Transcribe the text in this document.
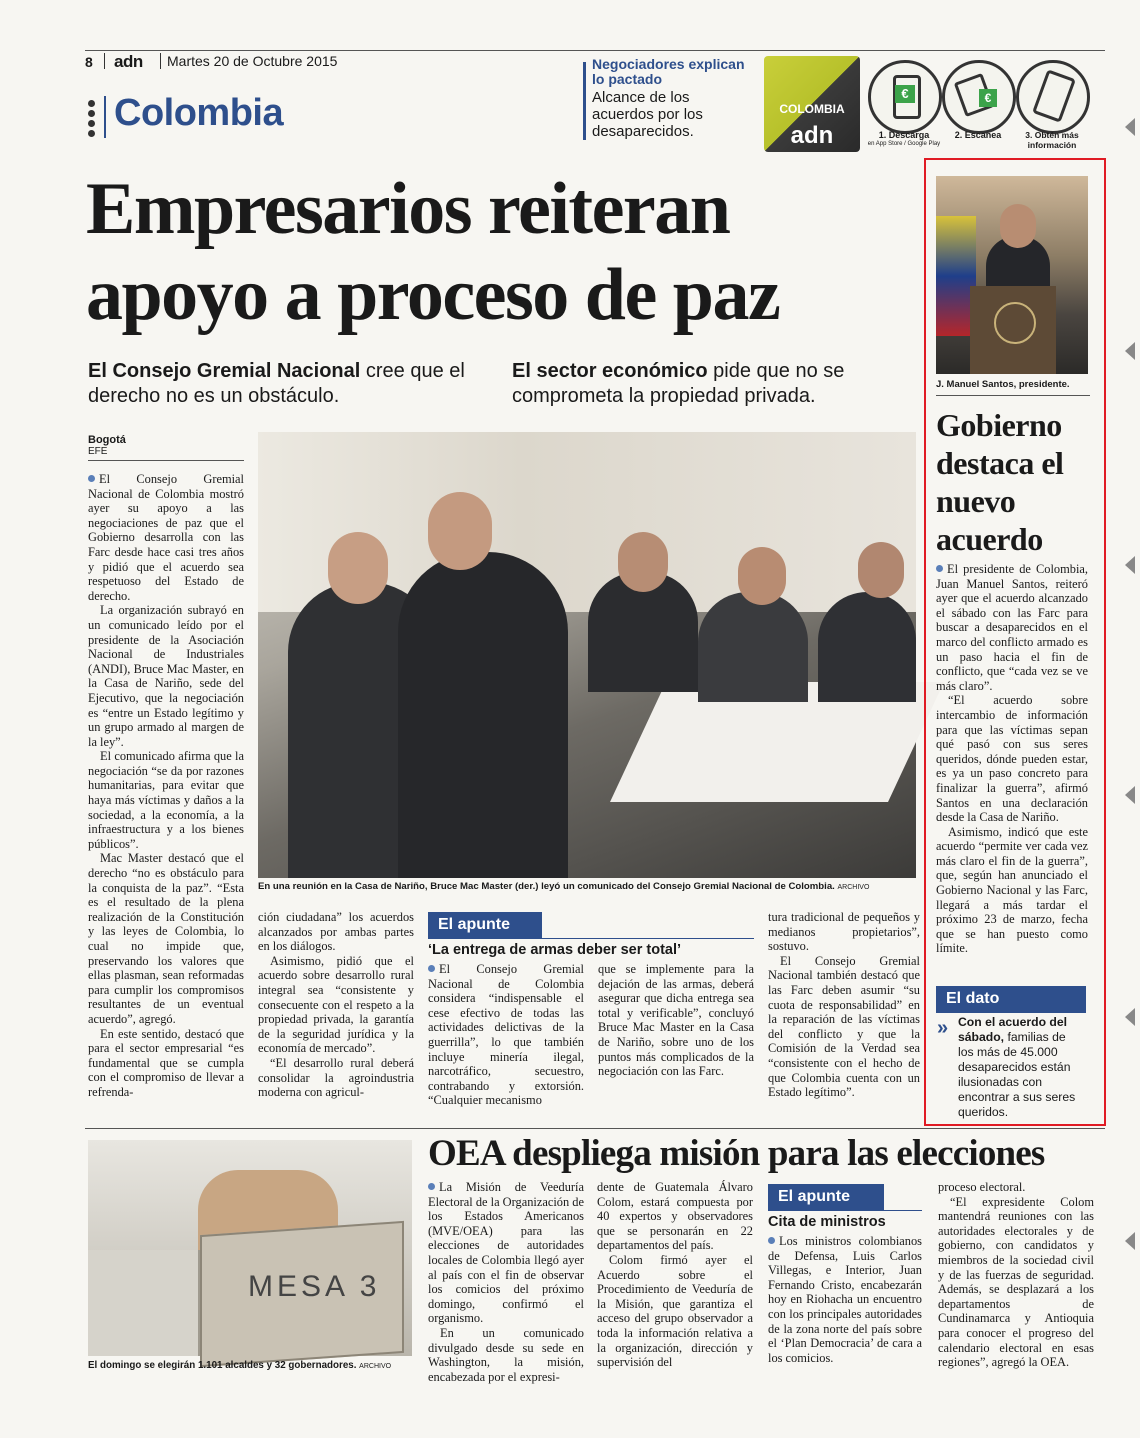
8 adn Martes 20 de Octubre 2015
Colombia
Negociadores explican lo pactado
Alcance de los acuerdos por los desaparecidos.
COLOMBIA
adn
€	€
1. Descarga
en App Store / Google Play
2. Escanea	3. Obtén más información
Empresarios reiteran
apoyo a proceso de paz
El Consejo Gremial Nacional cree que el derecho no es un obstáculo.
El sector económico pide que no se comprometa la propiedad privada.
Bogotá
EFE

El Consejo Gremial Nacional de Colombia mostró ayer su apoyo a las negociaciones de paz que el Gobierno desarrolla con las Farc desde hace casi tres años y pidió que el acuerdo sea respetuoso del Estado de derecho.

La organización subrayó en un comunicado leído por el presidente de la Asociación Nacional de Industriales (ANDI), Bruce Mac Master, en la Casa de Nariño, sede del Ejecutivo, que la negociación es “entre un Estado legítimo y un grupo armado al margen de la ley”.

El comunicado afirma que la negociación “se da por razones humanitarias, para evitar que haya más víctimas y daños a la sociedad, a la economía, a la infraestructura y a los bienes públicos”.

Mac Master destacó que el derecho “no es obstáculo para la conquista de la paz”. “Esta es el resultado de la plena realización de la Constitución y las leyes de Colombia, lo cual no impide que, preservando los valores que ellas plasman, sean reformadas para cumplir los compromisos resultantes de un eventual acuerdo”, agregó.

En este sentido, destacó que para el sector empresarial “es fundamental que se cumpla con el compromiso de llevar a refrenda-

En una reunión en la Casa de Nariño, Bruce Mac Master (der.) leyó un comunicado del Consejo Gremial Nacional de Colombia. ARCHIVO

ción ciudadana” los acuerdos alcanzados por ambas partes en los diálogos.

Asimismo, pidió que el acuerdo sobre desarrollo rural integral sea “consistente y consecuente con el respeto a la propiedad privada, la garantía de la seguridad jurídica y la economía de mercado”.

“El desarrollo rural deberá consolidar la agroindustria moderna con agricul-

El apunte
‘La entrega de armas deber ser total’

El Consejo Gremial Nacional de Colombia considera “indispensable el cese efectivo de todas las actividades delictivas de la guerrilla”, lo que también incluye minería ilegal, narcotráfico, secuestro, contrabando y extorsión. “Cualquier mecanismo

que se implemente para la dejación de las armas, deberá asegurar que dicha entrega sea total y verificable”, concluyó Bruce Mac Master en la Casa de Nariño, sobre uno de los puntos más complicados de la negociación con las Farc.

tura tradicional de pequeños y medianos propietarios”, sostuvo.

El Consejo Gremial Nacional también destacó que las Farc deben asumir “su cuota de responsabilidad” en la reparación de las víctimas del conflicto y que la Comisión de la Verdad sea “consistente con el hecho de que Colombia cuenta con un Estado legítimo”.

J. Manuel Santos, presidente.
Gobierno destaca el nuevo acuerdo

El presidente de Colombia, Juan Manuel Santos, reiteró ayer que el acuerdo alcanzado el sábado con las Farc para buscar a desaparecidos en el marco del conflicto armado es un paso hacia el fin de conflicto, que “cada vez se ve más claro”.

“El acuerdo sobre intercambio de información para que las víctimas sepan qué pasó con sus seres queridos, dónde pueden estar, es ya un paso concreto para finalizar la guerra”, afirmó Santos en una declaración desde la Casa de Nariño.

Asimismo, indicó que este acuerdo “permite ver cada vez más claro el fin de la guerra”, que, según han anunciado el Gobierno Nacional y las Farc, llegará a más tardar el próximo 23 de marzo, fecha que se han puesto como límite.

El dato
» Con el acuerdo del sábado, familias de los más de 45.000 desaparecidos están ilusionadas con encontrar a sus seres queridos.
MESA 3
El domingo se elegirán 1.101 alcaldes y 32 gobernadores. ARCHIVO
OEA despliega misión para las elecciones

La Misión de Veeduría Electoral de la Organización de los Estados Americanos (MVE/OEA) para las elecciones de autoridades locales de Colombia llegó ayer al país con el fin de observar los comicios del próximo domingo, confirmó el organismo.

En un comunicado divulgado desde su sede en Washington, la misión, encabezada por el expresi-

dente de Guatemala Álvaro Colom, estará compuesta por 40 expertos y observadores que se personarán en 22 departamentos del país.

Colom firmó ayer el Acuerdo sobre el Procedimiento de Veeduría de la Misión, que garantiza el acceso del grupo observador a toda la información relativa a la organización, dirección y supervisión del

El apunte
Cita de ministros

Los ministros colombianos de Defensa, Luis Carlos Villegas, e Interior, Juan Fernando Cristo, encabezarán hoy en Riohacha un encuentro con los principales autoridades de la zona norte del país sobre el ‘Plan Democracia’ de cara a los comicios.

proceso electoral.

“El expresidente Colom mantendrá reuniones con las autoridades electorales y de gobierno, con candidatos y miembros de la sociedad civil y de las fuerzas de seguridad. Además, se desplazará a los departamentos de Cundinamarca y Antioquia para conocer el progreso del calendario electoral en esas regiones”, agregó la OEA.
